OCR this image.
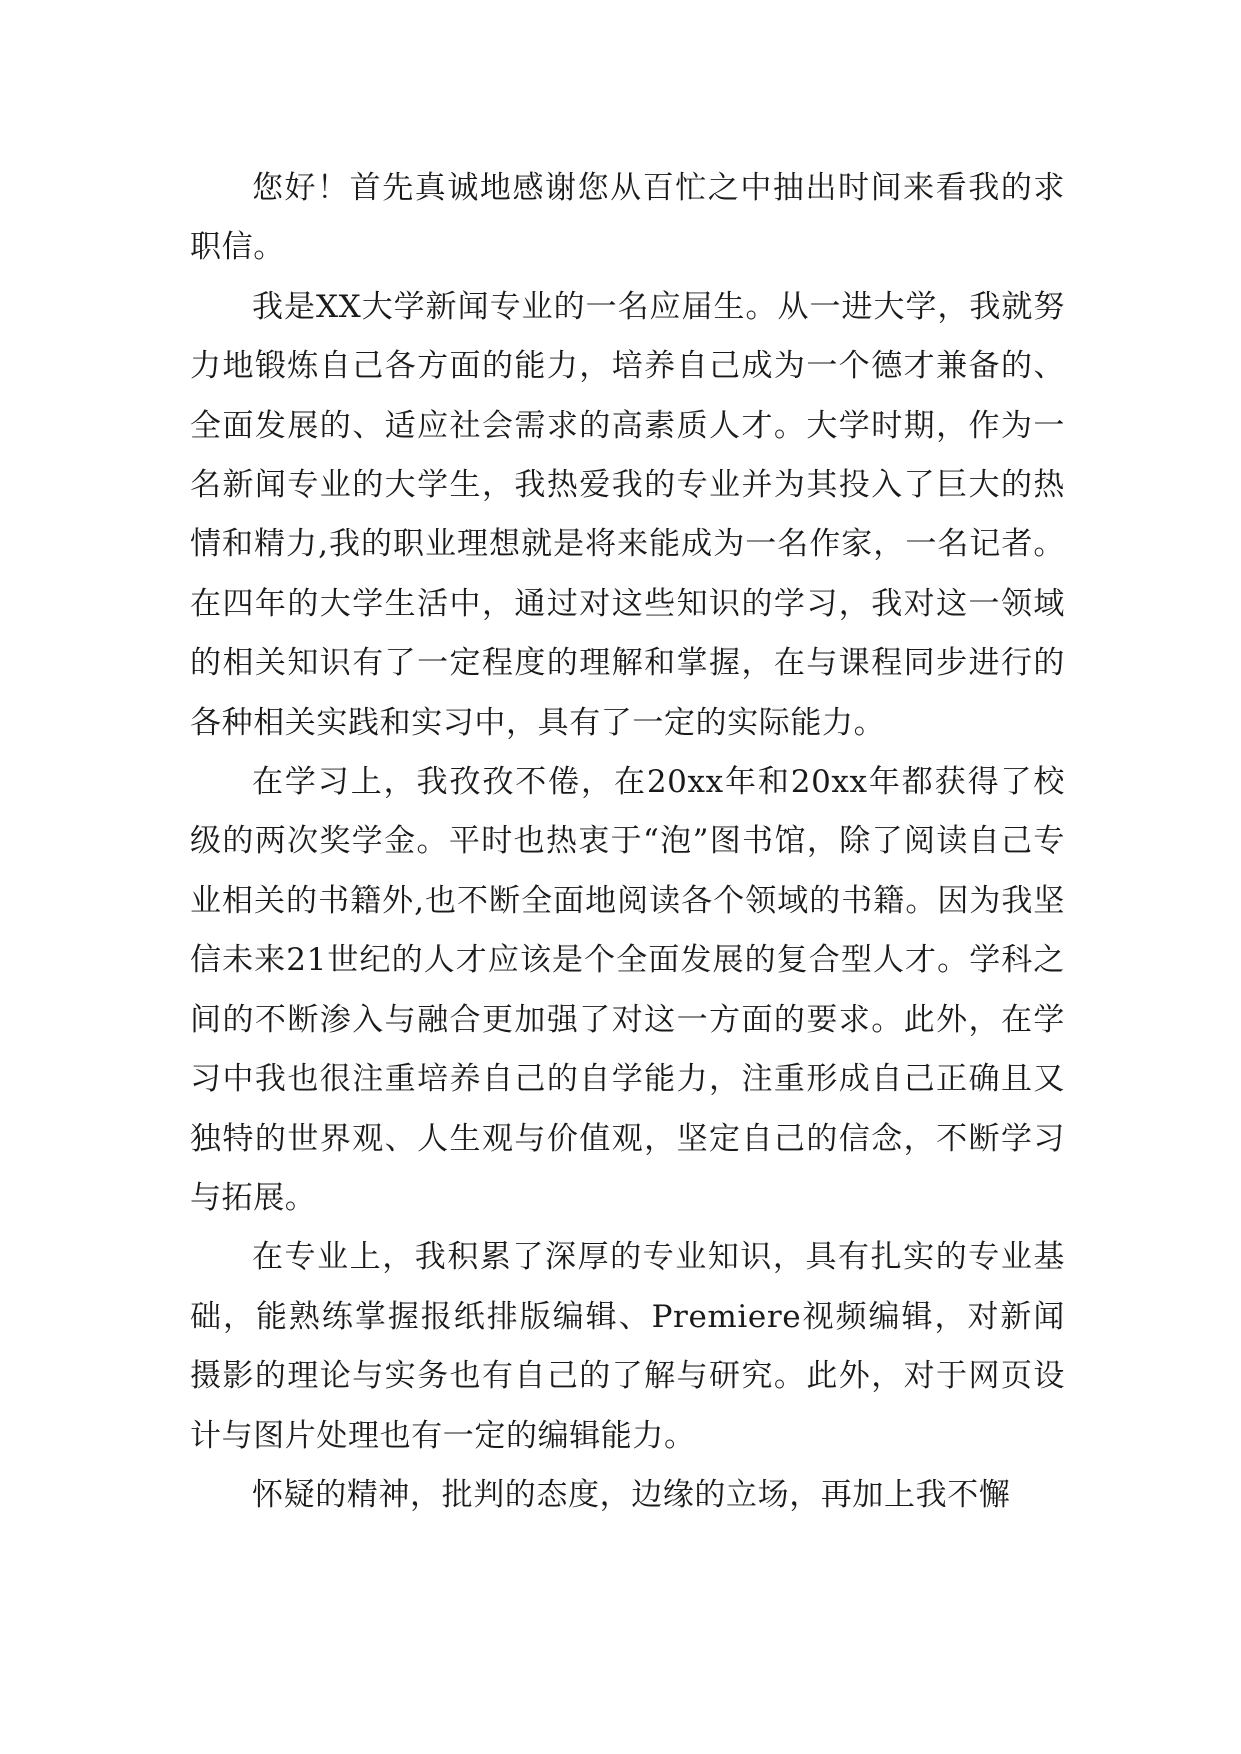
您好！首先真诚地感谢您从百忙之中抽出时间来看我的求职信。

我是XX大学新闻专业的一名应届生。从一进大学，我就努力地锻炼自己各方面的能力，培养自己成为一个德才兼备的、全面发展的、适应社会需求的高素质人才。大学时期，作为一名新闻专业的大学生，我热爱我的专业并为其投入了巨大的热情和精力,我的职业理想就是将来能成为一名作家，一名记者。在四年的大学生活中，通过对这些知识的学习，我对这一领域的相关知识有了一定程度的理解和掌握，在与课程同步进行的各种相关实践和实习中，具有了一定的实际能力。

在学习上，我孜孜不倦，在20xx年和20xx年都获得了校级的两次奖学金。平时也热衷于“泡”图书馆，除了阅读自己专业相关的书籍外,也不断全面地阅读各个领域的书籍。因为我坚信未来21世纪的人才应该是个全面发展的复合型人才。学科之间的不断渗入与融合更加强了对这一方面的要求。此外，在学习中我也很注重培养自己的自学能力，注重形成自己正确且又独特的世界观、人生观与价值观，坚定自己的信念，不断学习与拓展。

在专业上，我积累了深厚的专业知识，具有扎实的专业基础，能熟练掌握报纸排版编辑、Premiere视频编辑，对新闻摄影的理论与实务也有自己的了解与研究。此外，对于网页设计与图片处理也有一定的编辑能力。

怀疑的精神，批判的态度，边缘的立场，再加上我不懈
